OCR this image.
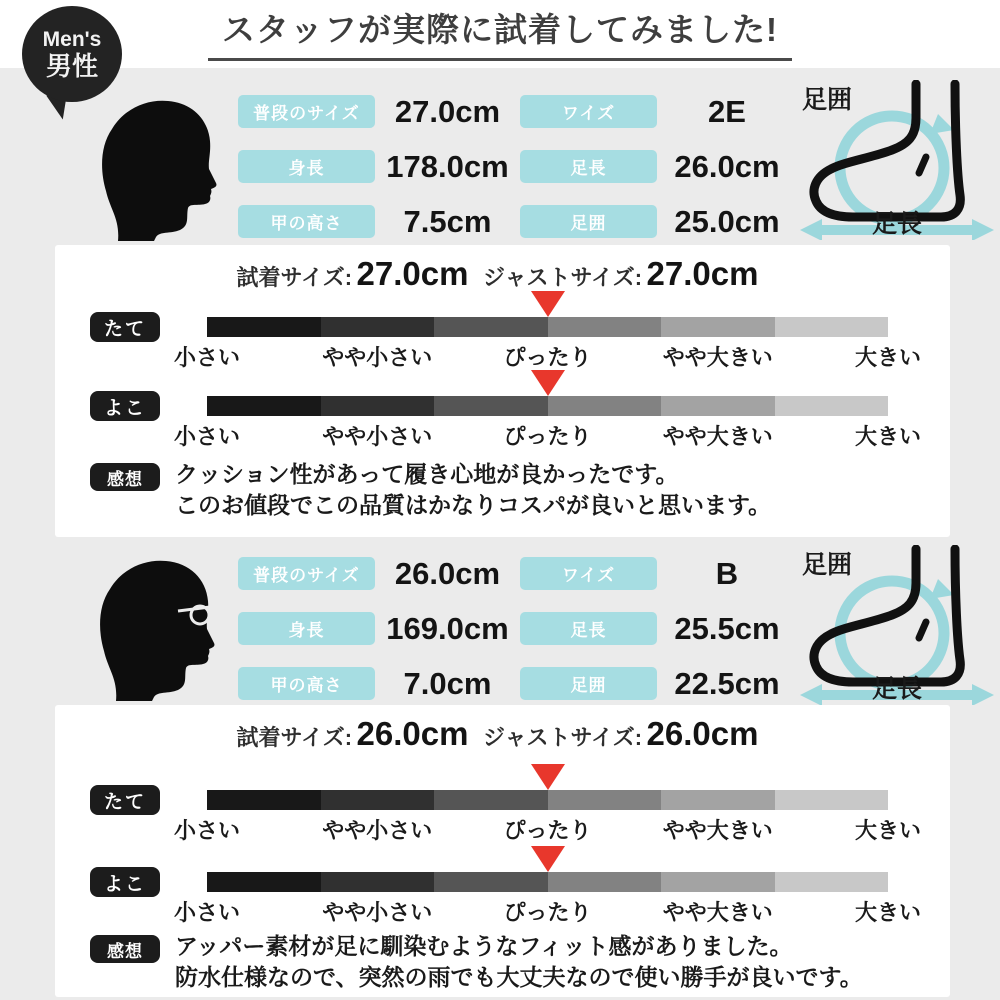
スタッフが実際に試着してみました!
Men's
男性
普段のサイズ	27.0cm	ワイズ	2E
身長	178.0cm	足長	26.0cm
甲の高さ	7.5cm	足囲	25.0cm
足囲
足長
試着サイズ: 27.0cm ジャストサイズ: 27.0cm
たて
小さい	やや小さい	ぴったり	やや大きい	大きい
よこ
小さい	やや小さい	ぴったり	やや大きい	大きい
感想	クッション性があって履き心地が良かったです。
このお値段でこの品質はかなりコスパが良いと思います。
普段のサイズ	26.0cm	ワイズ	B
身長	169.0cm	足長	25.5cm
甲の高さ	7.0cm	足囲	22.5cm
足囲
足長
試着サイズ: 26.0cm ジャストサイズ: 26.0cm
たて
小さい	やや小さい	ぴったり	やや大きい	大きい
よこ
小さい	やや小さい	ぴったり	やや大きい	大きい
感想	アッパー素材が足に馴染むようなフィット感がありました。
防水仕様なので、突然の雨でも大丈夫なので使い勝手が良いです。
